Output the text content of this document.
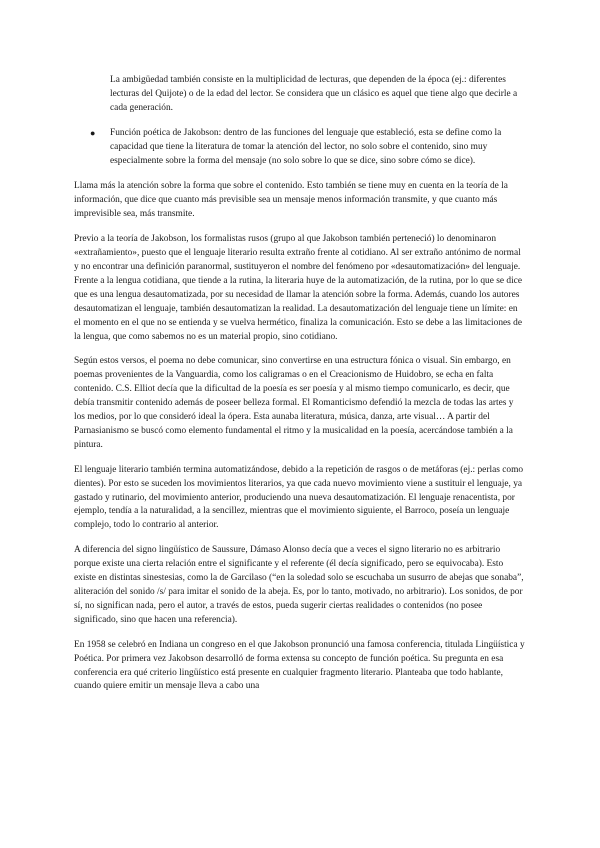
La ambigüedad también consiste en la multiplicidad de lecturas, que dependen de la época (ej.: diferentes lecturas del Quijote) o de la edad del lector. Se considera que un clásico es aquel que tiene algo que decirle a cada generación.

● Función poética de Jakobson: dentro de las funciones del lenguaje que estableció, esta se define como la capacidad que tiene la literatura de tomar la atención del lector, no solo sobre el contenido, sino muy especialmente sobre la forma del mensaje (no solo sobre lo que se dice, sino sobre cómo se dice).

Llama más la atención sobre la forma que sobre el contenido. Esto también se tiene muy en cuenta en la teoría de la información, que dice que cuanto más previsible sea un mensaje menos información transmite, y que cuanto más imprevisible sea, más transmite.

Previo a la teoría de Jakobson, los formalistas rusos (grupo al que Jakobson también perteneció) lo denominaron «extrañamiento», puesto que el lenguaje literario resulta extraño frente al cotidiano. Al ser extraño antónimo de normal y no encontrar una definición paranormal, sustituyeron el nombre del fenómeno por «desautomatización» del lenguaje. Frente a la lengua cotidiana, que tiende a la rutina, la literaria huye de la automatización, de la rutina, por lo que se dice que es una lengua desautomatizada, por su necesidad de llamar la atención sobre la forma. Además, cuando los autores desautomatizan el lenguaje, también desautomatizan la realidad. La desautomatización del lenguaje tiene un límite: en el momento en el que no se entienda y se vuelva hermético, finaliza la comunicación. Esto se debe a las limitaciones de la lengua, que como sabemos no es un material propio, sino cotidiano.

Según estos versos, el poema no debe comunicar, sino convertirse en una estructura fónica o visual. Sin embargo, en poemas provenientes de la Vanguardia, como los caligramas o en el Creacionismo de Huidobro, se echa en falta contenido. C.S. Elliot decía que la dificultad de la poesía es ser poesía y al mismo tiempo comunicarlo, es decir, que debía transmitir contenido además de poseer belleza formal. El Romanticismo defendió la mezcla de todas las artes y los medios, por lo que consideró ideal la ópera. Esta aunaba literatura, música, danza, arte visual… A partir del Parnasianismo se buscó como elemento fundamental el ritmo y la musicalidad en la poesía, acercándose también a la pintura.

El lenguaje literario también termina automatizándose, debido a la repetición de rasgos o de metáforas (ej.: perlas como dientes). Por esto se suceden los movimientos literarios, ya que cada nuevo movimiento viene a sustituir el lenguaje, ya gastado y rutinario, del movimiento anterior, produciendo una nueva desautomatización. El lenguaje renacentista, por ejemplo, tendía a la naturalidad, a la sencillez, mientras que el movimiento siguiente, el Barroco, poseía un lenguaje complejo, todo lo contrario al anterior.

A diferencia del signo lingüístico de Saussure, Dámaso Alonso decía que a veces el signo literario no es arbitrario porque existe una cierta relación entre el significante y el referente (él decía significado, pero se equivocaba). Esto existe en distintas sinestesias, como la de Garcilaso (“en la soledad solo se escuchaba un susurro de abejas que sonaba”, aliteración del sonido /s/ para imitar el sonido de la abeja. Es, por lo tanto, motivado, no arbitrario). Los sonidos, de por sí, no significan nada, pero el autor, a través de estos, pueda sugerir ciertas realidades o contenidos (no posee significado, sino que hacen una referencia).

En 1958 se celebró en Indiana un congreso en el que Jakobson pronunció una famosa conferencia, titulada Lingüística y Poética. Por primera vez Jakobson desarrolló de forma extensa su concepto de función poética. Su pregunta en esa conferencia era qué criterio lingüístico está presente en cualquier fragmento literario. Planteaba que todo hablante, cuando quiere emitir un mensaje lleva a cabo una
